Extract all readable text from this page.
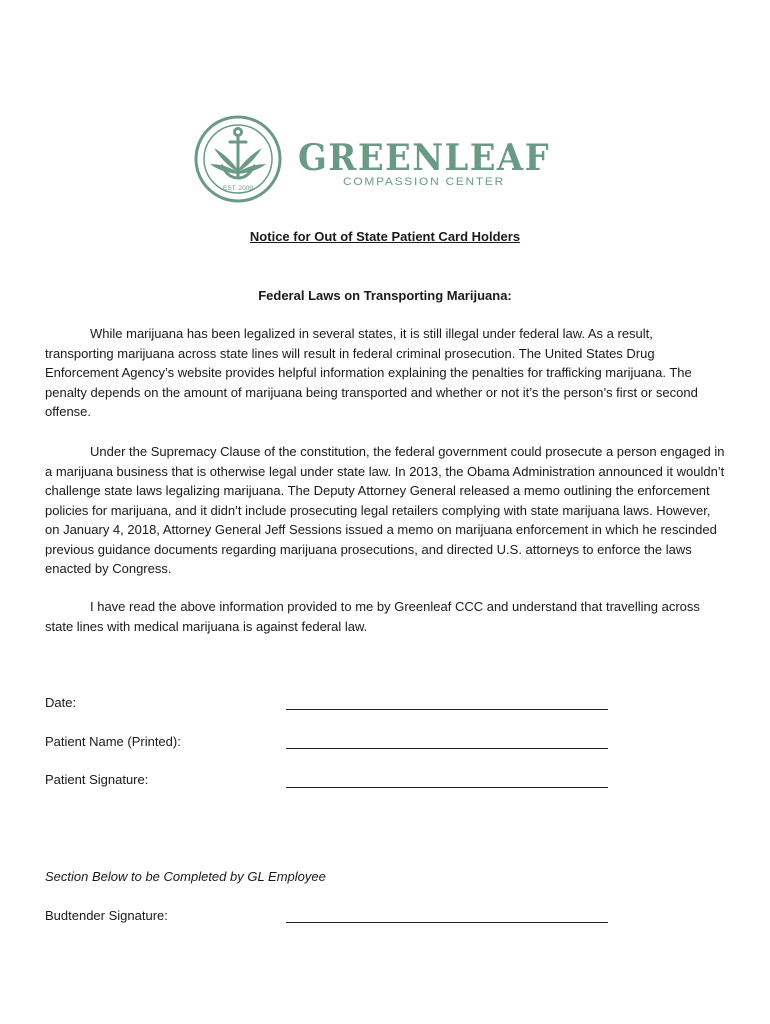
EST. 2009
GREENLEAF
COMPASSION CENTER
Notice for Out of State Patient Card Holders
Federal Laws on Transporting Marijuana:

While marijuana has been legalized in several states, it is still illegal under federal law. As a result, transporting marijuana across state lines will result in federal criminal prosecution. The United States Drug Enforcement Agency’s website provides helpful information explaining the penalties for trafficking marijuana. The penalty depends on the amount of marijuana being transported and whether or not it’s the person’s first or second offense.

Under the Supremacy Clause of the constitution, the federal government could prosecute a person engaged in a marijuana business that is otherwise legal under state law. In 2013, the Obama Administration announced it wouldn’t challenge state laws legalizing marijuana. The Deputy Attorney General released a memo outlining the enforcement policies for marijuana, and it didn’t include prosecuting legal retailers complying with state marijuana laws. However, on January 4, 2018, Attorney General Jeff Sessions issued a memo on marijuana enforcement in which he rescinded previous guidance documents regarding marijuana prosecutions, and directed U.S. attorneys to enforce the laws enacted by Congress.

I have read the above information provided to me by Greenleaf CCC and understand that travelling across state lines with medical marijuana is against federal law.

Date:
Patient Name (Printed):
Patient Signature:
Section Below to be Completed by GL Employee
Budtender Signature:
